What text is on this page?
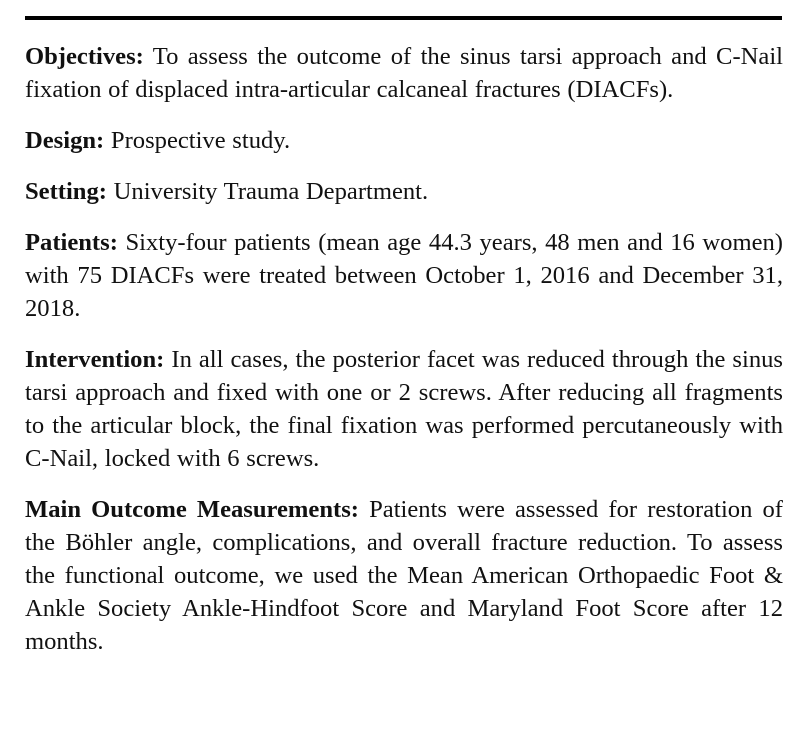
Objectives: To assess the outcome of the sinus tarsi approach and C-Nail fixation of displaced intra-articular calcaneal fractures (DIACFs).

Design: Prospective study.

Setting: University Trauma Department.

Patients: Sixty-four patients (mean age 44.3 years, 48 men and 16 women) with 75 DIACFs were treated between October 1, 2016 and December 31, 2018.

Intervention: In all cases, the posterior facet was reduced through the sinus tarsi approach and fixed with one or 2 screws. After reducing all fragments to the articular block, the final fixation was performed percutaneously with C-Nail, locked with 6 screws.

Main Outcome Measurements: Patients were assessed for restoration of the Böhler angle, complications, and overall fracture reduction. To assess the functional outcome, we used the Mean American Orthopaedic Foot & Ankle Society Ankle-Hindfoot Score and Maryland Foot Score after 12 months.
